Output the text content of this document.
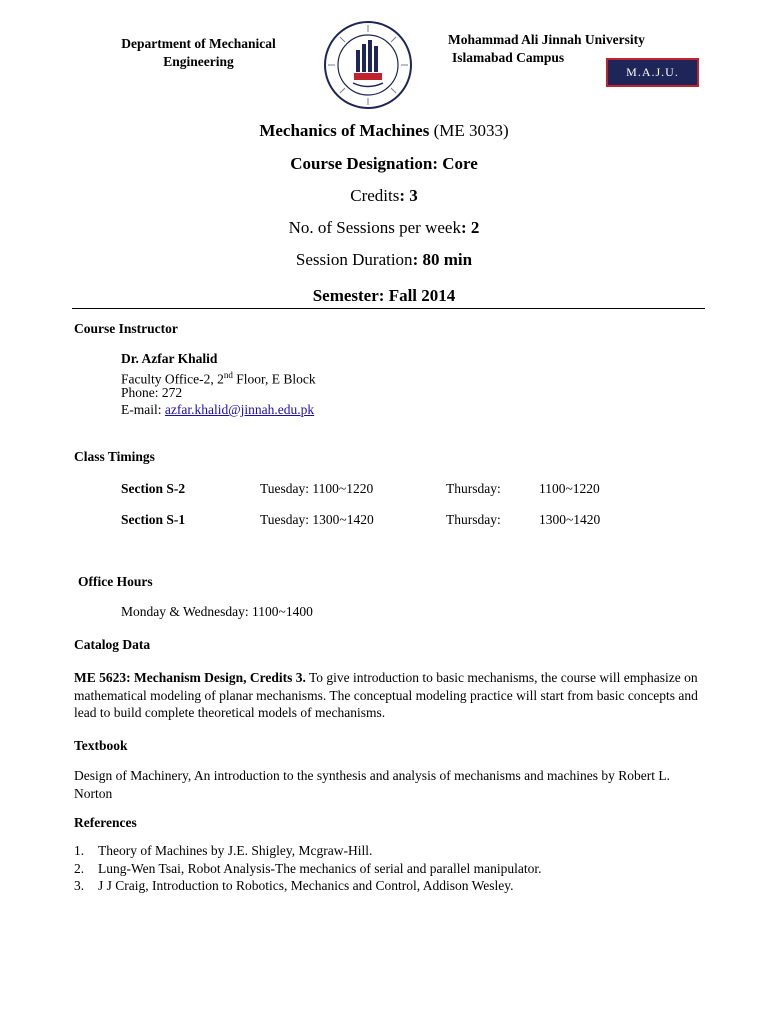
Department of Mechanical
Engineering
Mohammad Ali Jinnah University
Islamabad Campus
M.A.J.U.
Mechanics of Machines (ME 3033)
Course Designation: Core
Credits: 3
No. of Sessions per week: 2
Session Duration: 80 min
Semester: Fall 2014
Course Instructor
Dr. Azfar Khalid
Faculty Office-2, 2nd Floor, E Block
Phone: 272
E-mail: azfar.khalid@jinnah.edu.pk
Class Timings
Section S-2	Tuesday: 1100~1220	Thursday:	1100~1220
Section S-1	Tuesday: 1300~1420	Thursday:	1300~1420
Office Hours
Monday & Wednesday: 1100~1400
Catalog Data
ME 5623: Mechanism Design, Credits 3. To give introduction to basic mechanisms, the course will emphasize on mathematical modeling of planar mechanisms. The conceptual modeling practice will start from basic concepts and lead to build complete theoretical models of mechanisms.
Textbook
Design of Machinery, An introduction to the synthesis and analysis of mechanisms and machines by Robert L. Norton
References
1.	Theory of Machines by J.E. Shigley, Mcgraw-Hill.
2.	Lung-Wen Tsai, Robot Analysis-The mechanics of serial and parallel manipulator.
3.	J J Craig, Introduction to Robotics, Mechanics and Control, Addison Wesley.
